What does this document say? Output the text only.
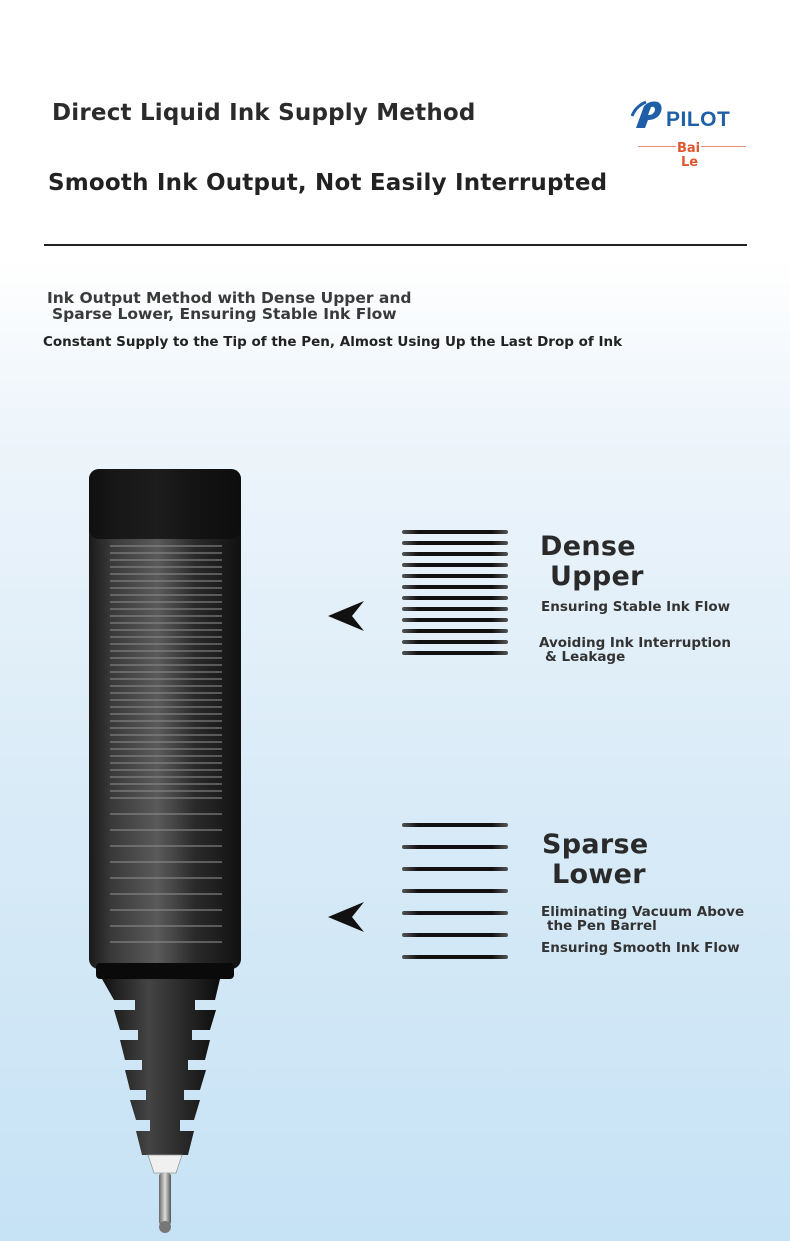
Direct Liquid Ink Supply Method
Smooth Ink Output, Not Easily Interrupted
PILOT
Bai
Le
Ink Output Method with Dense Upper and
Sparse Lower, Ensuring Stable Ink Flow
Constant Supply to the Tip of the Pen, Almost Using Up the Last Drop of Ink
Dense
Upper
Ensuring Stable Ink Flow
Avoiding Ink Interruption
& Leakage
Sparse
Lower
Eliminating Vacuum Above
the Pen Barrel
Ensuring Smooth Ink Flow
